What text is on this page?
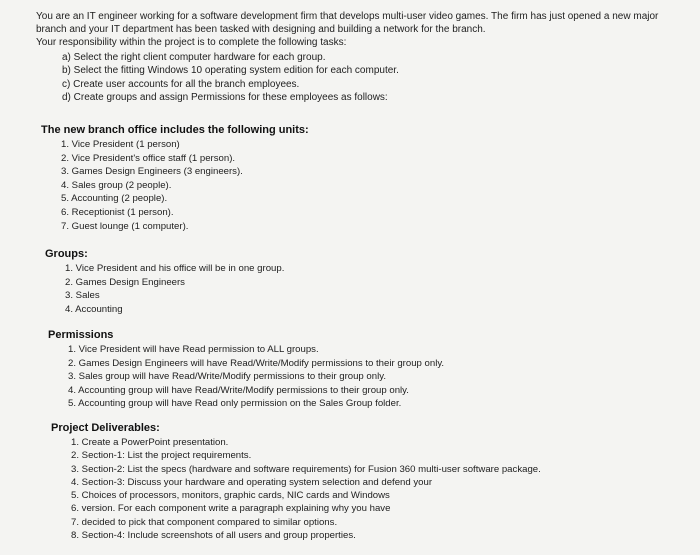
You are an IT engineer working for a software development firm that develops multi-user video games. The firm has just opened a new major branch and your IT department has been tasked with designing and building a network for the branch.

Your responsibility within the project is to complete the following tasks:

a) Select the right client computer hardware for each group.
b) Select the fitting Windows 10 operating system edition for each computer.
c) Create user accounts for all the branch employees.
d) Create groups and assign Permissions for these employees as follows:
The new branch office includes the following units:
1. Vice President (1 person)
2. Vice President's office staff (1 person).
3. Games Design Engineers (3 engineers).
4. Sales group (2 people).
5. Accounting (2 people).
6. Receptionist (1 person).
7. Guest lounge (1 computer).
Groups:
1. Vice President and his office will be in one group.
2. Games Design Engineers
3. Sales
4. Accounting
Permissions
1. Vice President will have Read permission to ALL groups.
2. Games Design Engineers will have Read/Write/Modify permissions to their group only.
3. Sales group will have Read/Write/Modify permissions to their group only.
4. Accounting group will have Read/Write/Modify permissions to their group only.
5. Accounting group will have Read only permission on the Sales Group folder.
Project Deliverables:
1. Create a PowerPoint presentation.
2. Section-1: List the project requirements.
3. Section-2: List the specs (hardware and software requirements) for Fusion 360 multi-user software package.
4. Section-3: Discuss your hardware and operating system selection and defend your
5. Choices of processors, monitors, graphic cards, NIC cards and Windows
6. version. For each component write a paragraph explaining why you have
7. decided to pick that component compared to similar options.
8. Section-4: Include screenshots of all users and group properties.
